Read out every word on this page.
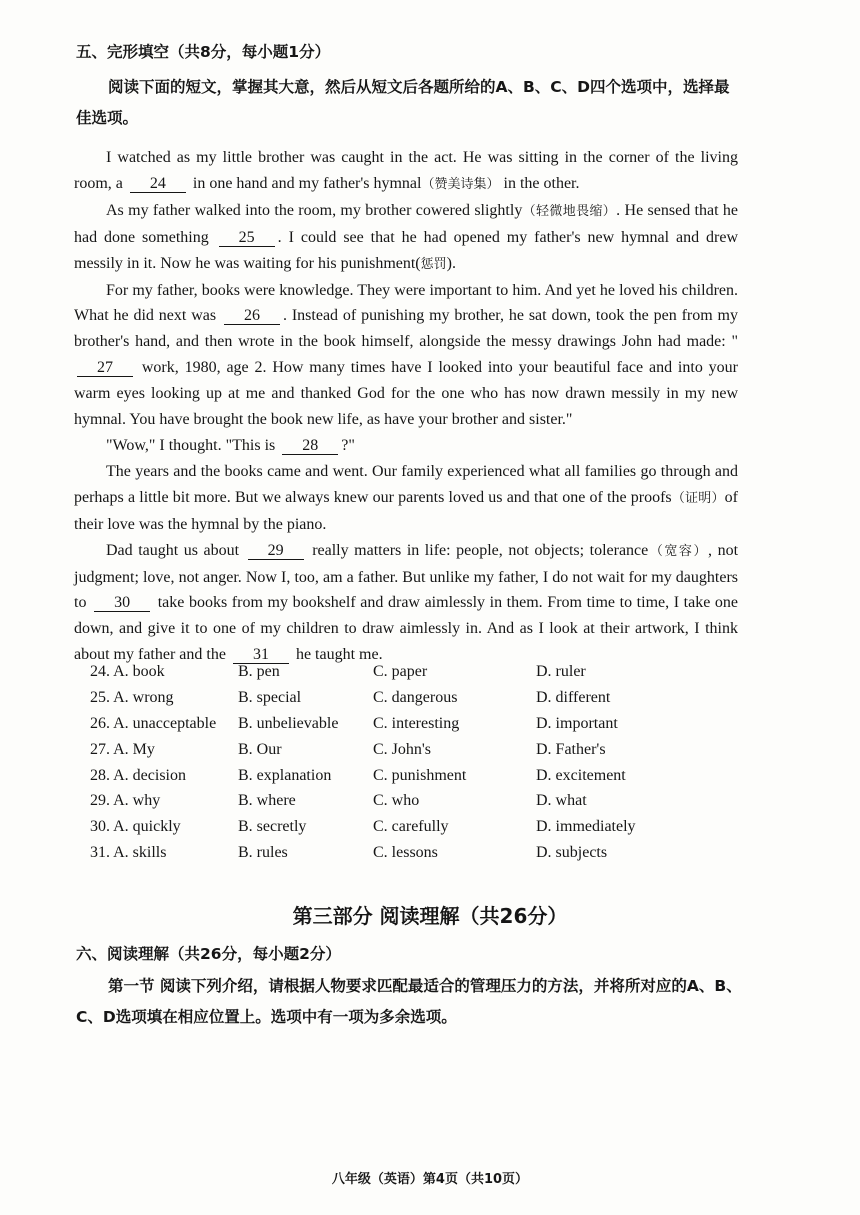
五、完形填空（共8分，每小题1分）
阅读下面的短文，掌握其大意，然后从短文后各题所给的A、B、C、D四个选项中，选择最佳选项。

I watched as my little brother was caught in the act. He was sitting in the corner of the living room, a 24 in one hand and my father's hymnal（赞美诗集） in the other.

As my father walked into the room, my brother cowered slightly（轻微地畏缩）. He sensed that he had done something 25 . I could see that he had opened my father's new hymnal and drew messily in it. Now he was waiting for his punishment(惩罚).

For my father, books were knowledge. They were important to him. And yet he loved his children. What he did next was 26 . Instead of punishing my brother, he sat down, took the pen from my brother's hand, and then wrote in the book himself, alongside the messy drawings John had made: " 27 work, 1980, age 2. How many times have I looked into your beautiful face and into your warm eyes looking up at me and thanked God for the one who has now drawn messily in my new hymnal. You have brought the book new life, as have your brother and sister."

"Wow," I thought. "This is 28 ?"

The years and the books came and went. Our family experienced what all families go through and perhaps a little bit more. But we always knew our parents loved us and that one of the proofs（证明）of their love was the hymnal by the piano.

Dad taught us about 29 really matters in life: people, not objects; tolerance（宽容）, not judgment; love, not anger. Now I, too, am a father. But unlike my father, I do not wait for my daughters to 30 take books from my bookshelf and draw aimlessly in them. From time to time, I take one down, and give it to one of my children to draw aimlessly in. And as I look at their artwork, I think about my father and the 31 he taught me.

24. A. book	B. pen	C. paper	D. ruler
25. A. wrong	B. special	C. dangerous	D. different
26. A. unacceptable B. unbelievable C. interesting	D. important
27. A. My	B. Our	C. John's	D. Father's
28. A. decision	B. explanation	C. punishment	D. excitement
29. A. why	B. where	C. who	D. what
30. A. quickly	B. secretly	C. carefully	D. immediately
31. A. skills	B. rules	C. lessons	D. subjects
第三部分 阅读理解（共26分）
六、阅读理解（共26分，每小题2分）
第一节 阅读下列介绍，请根据人物要求匹配最适合的管理压力的方法，并将所对应的A、B、C、D选项填在相应位置上。选项中有一项为多余选项。
八年级（英语）第4页（共10页）
